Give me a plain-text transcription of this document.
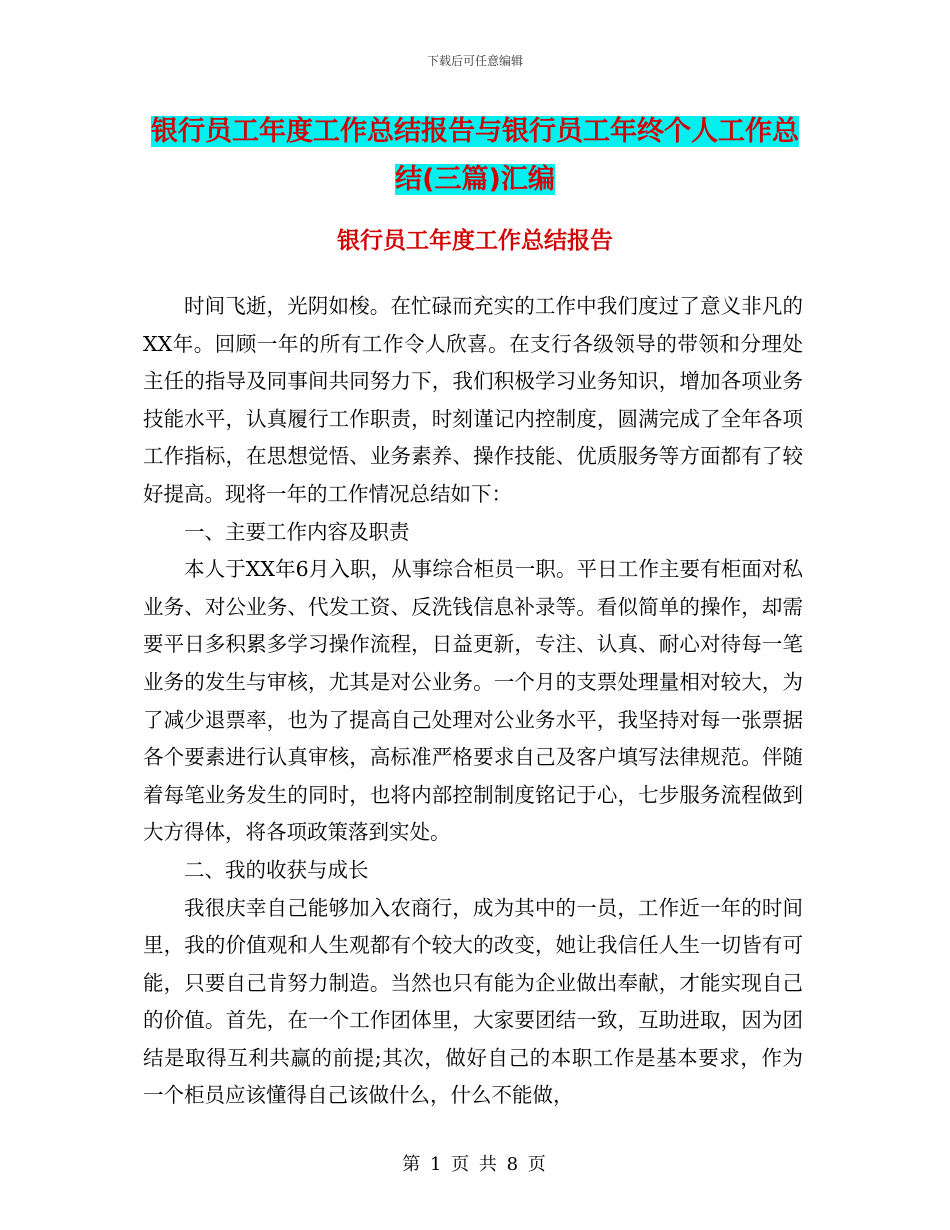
下载后可任意编辑
银行员工年度工作总结报告与银行员工年终个人工作总结(三篇)汇编
银行员工年度工作总结报告

时间飞逝，光阴如梭。在忙碌而充实的工作中我们度过了意义非凡的XX年。回顾一年的所有工作令人欣喜。在支行各级领导的带领和分理处主任的指导及同事间共同努力下，我们积极学习业务知识，增加各项业务技能水平，认真履行工作职责，时刻谨记内控制度，圆满完成了全年各项工作指标，在思想觉悟、业务素养、操作技能、优质服务等方面都有了较好提高。现将一年的工作情况总结如下：

一、主要工作内容及职责

本人于XX年6月入职，从事综合柜员一职。平日工作主要有柜面对私业务、对公业务、代发工资、反洗钱信息补录等。看似简单的操作，却需要平日多积累多学习操作流程，日益更新，专注、认真、耐心对待每一笔业务的发生与审核，尤其是对公业务。一个月的支票处理量相对较大，为了减少退票率，也为了提高自己处理对公业务水平，我坚持对每一张票据各个要素进行认真审核，高标准严格要求自己及客户填写法律规范。伴随着每笔业务发生的同时，也将内部控制制度铭记于心，七步服务流程做到大方得体，将各项政策落到实处。

二、我的收获与成长

我很庆幸自己能够加入农商行，成为其中的一员，工作近一年的时间里，我的价值观和人生观都有个较大的改变，她让我信任人生一切皆有可能，只要自己肯努力制造。当然也只有能为企业做出奉献，才能实现自己的价值。首先，在一个工作团体里，大家要团结一致，互助进取，因为团结是取得互利共赢的前提;其次，做好自己的本职工作是基本要求，作为一个柜员应该懂得自己该做什么，什么不能做，

第 1 页 共 8 页
